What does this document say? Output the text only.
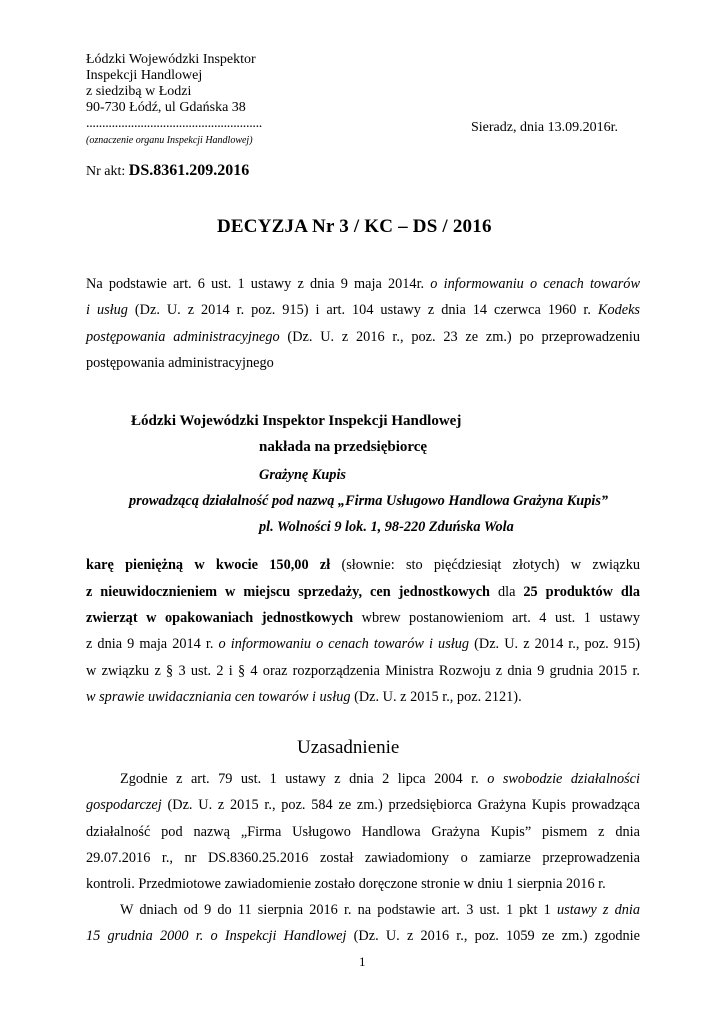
Łódzki Wojewódzki Inspektor
Inspekcji Handlowej
z siedzibą w Łodzi
90-730 Łódź, ul Gdańska 38
.......................................................
(oznaczenie organu Inspekcji Handlowej)
Sieradz, dnia 13.09.2016r.
Nr akt: DS.8361.209.2016
DECYZJA Nr 3 / KC – DS / 2016
Na podstawie art. 6 ust. 1 ustawy z dnia 9 maja 2014r. o informowaniu o cenach towarów
i usług (Dz. U. z 2014 r. poz. 915) i art. 104 ustawy z dnia 14 czerwca 1960 r. Kodeks
postępowania administracyjnego (Dz. U. z 2016 r., poz. 23 ze zm.) po przeprowadzeniu
postępowania administracyjnego
Łódzki Wojewódzki Inspektor Inspekcji Handlowej
nakłada na przedsiębiorcę
Grażynę Kupis
prowadzącą działalność pod nazwą „Firma Usługowo Handlowa Grażyna Kupis”
pl. Wolności 9 lok. 1, 98-220 Zduńska Wola
karę pieniężną w kwocie 150,00 zł (słownie: sto pięćdziesiąt złotych) w związku
z nieuwidocznieniem w miejscu sprzedaży, cen jednostkowych dla 25 produktów dla
zwierząt w opakowaniach jednostkowych wbrew postanowieniom art. 4 ust. 1 ustawy
z dnia 9 maja 2014 r. o informowaniu o cenach towarów i usług (Dz. U. z 2014 r., poz. 915)
w związku z § 3 ust. 2 i § 4 oraz rozporządzenia Ministra Rozwoju z dnia 9 grudnia 2015 r.
w sprawie uwidaczniania cen towarów i usług (Dz. U. z 2015 r., poz. 2121).
Uzasadnienie
Zgodnie z art. 79 ust. 1 ustawy z dnia 2 lipca 2004 r. o swobodzie działalności
gospodarczej (Dz. U. z 2015 r., poz. 584 ze zm.) przedsiębiorca Grażyna Kupis prowadząca
działalność pod nazwą „Firma Usługowo Handlowa Grażyna Kupis” pismem z dnia
29.07.2016 r., nr DS.8360.25.2016 został zawiadomiony o zamiarze przeprowadzenia
kontroli. Przedmiotowe zawiadomienie zostało doręczone stronie w dniu 1 sierpnia 2016 r.
W dniach od 9 do 11 sierpnia 2016 r. na podstawie art. 3 ust. 1 pkt 1 ustawy z dnia
15 grudnia 2000 r. o Inspekcji Handlowej (Dz. U. z 2016 r., poz. 1059 ze zm.) zgodnie
1
